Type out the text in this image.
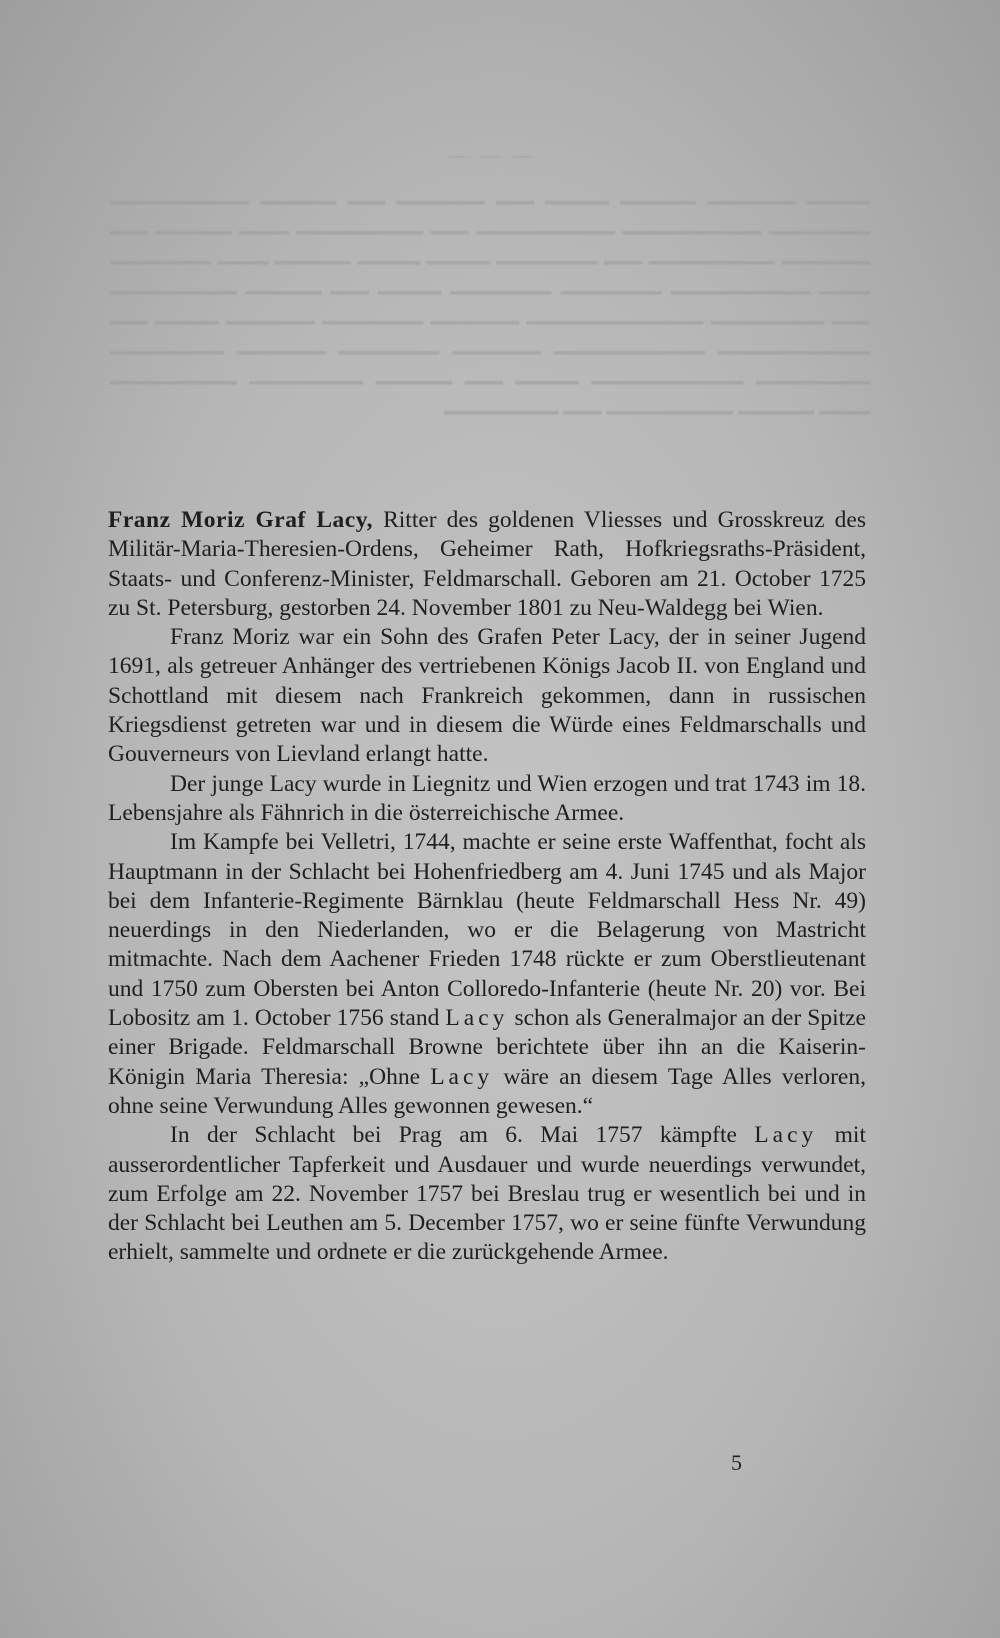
— — —

━━━━━ ━━━━━━━ ━━━━━━ ━━━━━ ━━━ ━━━━━━━ ━━━ ━━━━━━ ━━━━━━━━━━━ ━━━━━━━━ ━━━━━━━━━━━ ━━━━━━━━━━━ ━━━ ━━━━━━━━━━ ━━━━ ━━━━━━ ━━━ ━━━━━━━ ━━━━━━━━━━ ━━━ ━━━━━━━━ ━━━━━ ━━━━━ ━━━━━━ ━━━━ ━━━━━━━━ ━━━━ ━━━━━━━━━━━ ━━━━━━━━ ━━━━━━━━ ━━━━━ ━━━ ━━━━━━ ━━━━━━━━━━ ━━━ ━━━━━━━━━ ━━━━━━━━━━━━━━ ━━━━━━━ ━━━━━━━━ ━━━━━━━ ━━━━━ ━━━ ━━━━━━━━━━━━ ━━━━━━━━━━━━ ━━━━━━━ ━━━━━━━━ ━━━━━━━ ━━━━━━━━━ ━━━━━━━━━ ━━━━━━━━━━━━ ━━━━━ ━━━ ━━━━━━ ━━━━━━━━━ ━━━━━━━━━━ ━━━━ ━━━━━━ ━━━━━━━━━━ ━━━ ━━━━━━━━━

Franz Moriz Graf Lacy, Ritter des goldenen Vliesses und Grosskreuz des Militär-Maria-Theresien-Ordens, Geheimer Rath, Hofkriegsraths-Präsident, Staats- und Conferenz-Minister, Feldmarschall. Geboren am 21. October 1725 zu St. Petersburg, gestorben 24. November 1801 zu Neu-Waldegg bei Wien.

Franz Moriz war ein Sohn des Grafen Peter Lacy, der in seiner Jugend 1691, als getreuer Anhänger des vertriebenen Königs Jacob II. von England und Schottland mit diesem nach Frankreich gekommen, dann in russischen Kriegsdienst getreten war und in diesem die Würde eines Feldmarschalls und Gouverneurs von Lievland erlangt hatte.

Der junge Lacy wurde in Liegnitz und Wien erzogen und trat 1743 im 18. Lebensjahre als Fähnrich in die österreichische Armee.

Im Kampfe bei Velletri, 1744, machte er seine erste Waffenthat, focht als Hauptmann in der Schlacht bei Hohenfriedberg am 4. Juni 1745 und als Major bei dem Infanterie-Regimente Bärnklau (heute Feldmarschall Hess Nr. 49) neuerdings in den Niederlanden, wo er die Belagerung von Mastricht mitmachte. Nach dem Aachener Frieden 1748 rückte er zum Oberstlieutenant und 1750 zum Obersten bei Anton Colloredo-Infanterie (heute Nr. 20) vor. Bei Lobositz am 1. October 1756 stand Lacy schon als Generalmajor an der Spitze einer Brigade. Feldmarschall Browne berichtete über ihn an die Kaiserin-Königin Maria Theresia: „Ohne Lacy wäre an diesem Tage Alles verloren, ohne seine Verwundung Alles gewonnen gewesen.“

In der Schlacht bei Prag am 6. Mai 1757 kämpfte Lacy mit ausserordentlicher Tapferkeit und Ausdauer und wurde neuerdings verwundet, zum Erfolge am 22. November 1757 bei Breslau trug er wesentlich bei und in der Schlacht bei Leuthen am 5. December 1757, wo er seine fünfte Verwundung erhielt, sammelte und ordnete er die zurückgehende Armee.

5
